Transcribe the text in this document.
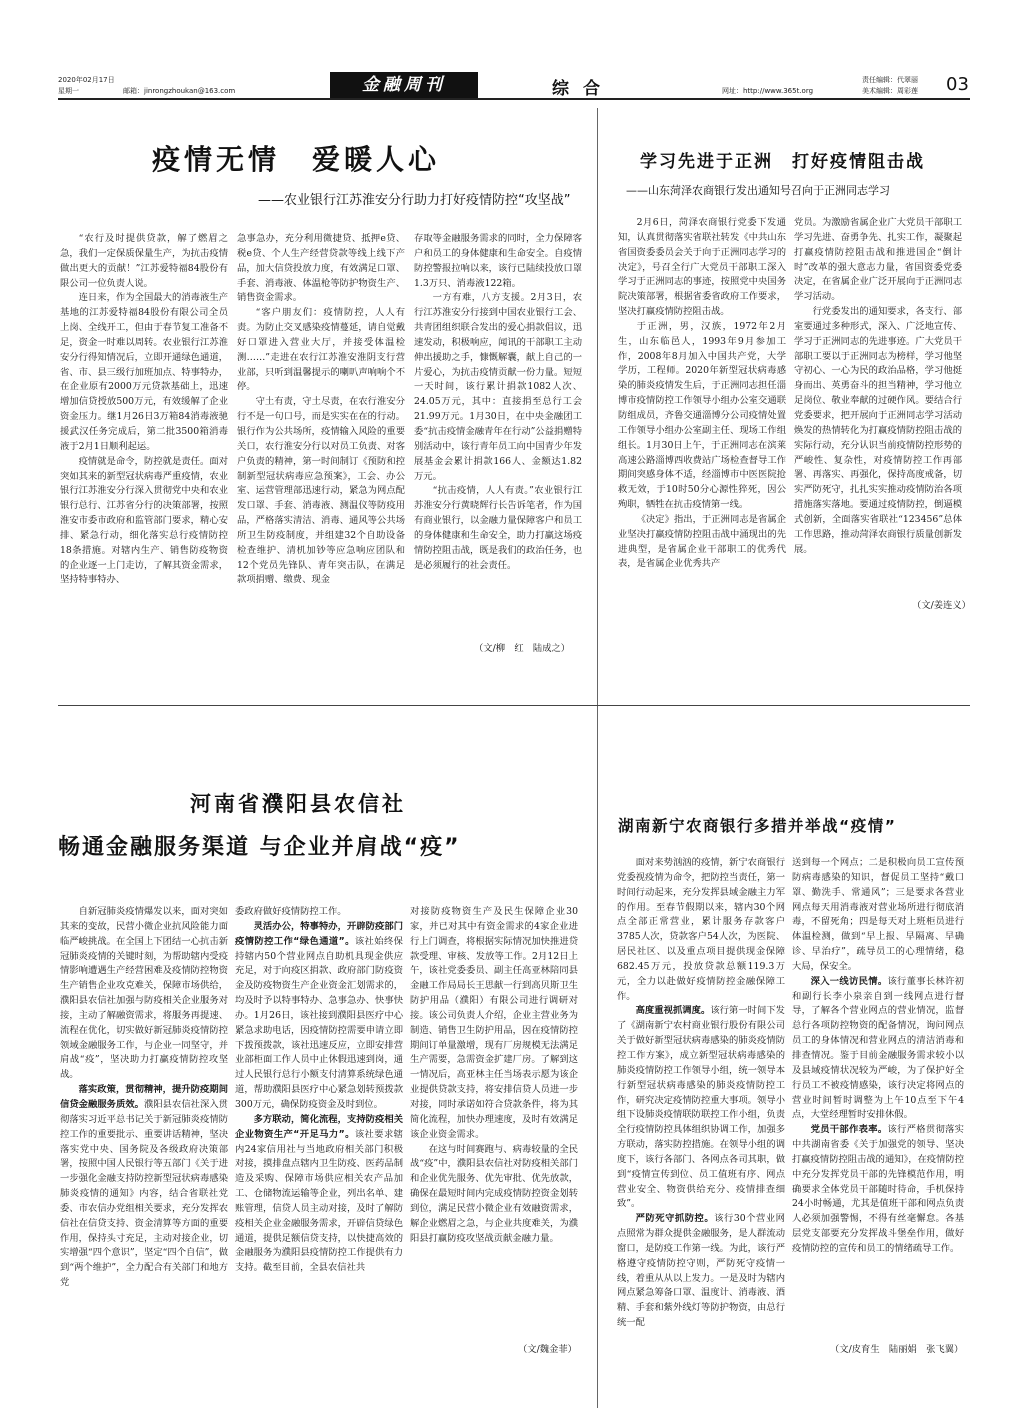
2020年02月17日
星期一	邮箱：jinrongzhoukan@163.com	金融周刊	综合	网址：http://www.365t.org
责任编辑：代翠丽
美术编辑：周彩莲 03
疫情无情　爱暖人心
——农业银行江苏淮安分行助力打好疫情防控“攻坚战”

“农行及时提供贷款，解了燃眉之急，我们一定保质保量生产，为抗击疫情做出更大的贡献！”江苏爱特福84股份有限公司一位负责人说。

连日来，作为全国最大的消毒液生产基地的江苏爱特福84股份有限公司全员上岗、全线开工，但由于春节复工准备不足，资金一时难以周转。农业银行江苏淮安分行得知情况后，立即开通绿色通道，省、市、县三级行加班加点、特事特办，在企业原有2000万元贷款基础上，迅速增加信贷授放500万元，有效缓解了企业资金压力。继1月26日3万箱84消毒液驰援武汉任务完成后，第二批3500箱消毒液于2月1日顺利起运。

疫情就是命令，防控就是责任。面对突如其来的新型冠状病毒严重疫情，农业银行江苏淮安分行深入贯彻党中央和农业银行总行、江苏省分行的决策部署，按照淮安市委市政府和监管部门要求，精心安排、紧急行动，细化落实总行疫情防控18条措施。对辖内生产、销售防疫物资的企业逐一上门走访，了解其资金需求，坚持特事特办、

急事急办，充分利用微捷贷、抵押e贷、税e贷、个人生产经营贷款等线上线下产品，加大信贷投放力度，有效满足口罩、手套、消毒液、体温枪等防护物资生产、销售资金需求。

“客户朋友们：疫情防控，人人有责。为防止交叉感染疫情蔓延，请自觉戴好口罩进入营业大厅，并接受体温检测……”走进在农行江苏淮安淮阴支行营业部，只听到温馨提示的喇叭声响响个不停。

守土有责，守土尽责，在农行淮安分行不是一句口号，而是实实在在的行动。银行作为公共场所，疫情输入风险的重要关口，农行淮安分行以对员工负责、对客户负责的精神，第一时间制订《预防和控制新型冠状病毒应急预案》，工会、办公室、运营管理部迅速行动，紧急为网点配发口罩、手套、消毒液、测温仪等防疫用品，严格落实清洁、消毒、通风等公共场所卫生防疫制度，并组建32个自助设备检查维护、清机加钞等应急响应团队和12个党员先锋队、青年突击队，在满足款项捐赠、缴费、现金

存取等金融服务需求的同时，全力保障客户和员工的身体健康和生命安全。自疫情防控警报拉响以来，该行已陆续投放口罩1.3万只、消毒液122箱。

一方有难，八方支援。2月3日，农行江苏淮安分行接到中国农业银行工会、共青团组织联合发出的爱心捐款倡议，迅速发动，积极响应，闻讯的干部职工主动伸出援助之手，慷慨解囊，献上自己的一片爱心，为抗击疫情贡献一份力量。短短一天时间，该行累计捐款1082人次、24.05万元，其中：直接捐至总行工会21.99万元。1月30日，在中央金融团工委“抗击疫情金融青年在行动”公益捐赠特别活动中，该行青年员工向中国青少年发展基金会累计捐款166人、金额达1.82万元。

“抗击疫情，人人有责。”农业银行江苏淮安分行黄晓辉行长告诉笔者，作为国有商业银行，以金融力量保障客户和员工的身体健康和生命安全，助力打赢这场疫情防控阻击战，既是我们的政治任务，也是必须履行的社会责任。

（文/柳　红　陆成之）
学习先进于正洲　打好疫情阻击战
——山东菏泽农商银行发出通知号召向于正洲同志学习

2月6日，菏泽农商银行党委下发通知，认真贯彻落实省联社转发《中共山东省国资委委员会关于向于正洲同志学习的决定》，号召全行广大党员干部职工深入学习于正洲同志的事迹，按照党中央国务院决策部署，根据省委省政府工作要求，坚决打赢疫情防控阻击战。

于正洲，男，汉族，1972年2月生，山东临邑人，1993年9月参加工作，2008年8月加入中国共产党，大学学历，工程师。2020年新型冠状病毒感染的肺炎疫情发生后，于正洲同志担任淄博市疫情防控工作领导小组办公室交通联防组成员，齐鲁交通淄博分公司疫情处置工作领导小组办公室副主任、现场工作组组长。1月30日上午，于正洲同志在滨莱高速公路淄博西收费站广场检查督导工作期间突感身体不适，经淄博市中医医院抢救无效，于10时50分心源性猝死，因公殉职，牺牲在抗击疫情第一线。

《决定》指出，于正洲同志是省属企业坚决打赢疫情防控阻击战中涌现出的先进典型，是省属企业干部职工的优秀代表，是省属企业优秀共产

党员。为激励省属企业广大党员干部职工学习先进、奋勇争先、扎实工作，凝聚起打赢疫情防控阻击战和推进国企“倒计时”改革的强大意志力量，省国资委党委决定，在省属企业广泛开展向于正洲同志学习活动。

行党委发出的通知要求，各支行、部室要通过多种形式，深入、广泛地宣传、学习于正洲同志的先进事迹。广大党员干部职工要以于正洲同志为榜样，学习他坚守初心、一心为民的政治品格，学习他挺身而出、英勇奋斗的担当精神，学习他立足岗位、敬业奉献的过硬作风。要结合行党委要求，把开展向于正洲同志学习活动焕发的热情转化为打赢疫情防控阻击战的实际行动，充分认识当前疫情防控形势的严峻性、复杂性，对疫情防控工作再部署、再落实、再强化，保持高度戒备，切实严防死守，扎扎实实推动疫情防治各项措施落实落地。要通过疫情防控，倒逼模式创新，全面落实省联社“123456”总体工作思路，推动菏泽农商银行质量创新发展。

（文/姜连义）
河南省濮阳县农信社
畅通金融服务渠道 与企业并肩战“疫”

自新冠肺炎疫情爆发以来，面对突如其来的变故，民营小微企业抗风险能力面临严峻挑战。在全国上下团结一心抗击新冠肺炎疫情的关键时刻，为帮助辖内受疫情影响遭遇生产经营困难及疫情防控物资生产销售企业攻克难关，保障市场供给，濮阳县农信社加强与防疫相关企业服务对接，主动了解融资需求，将服务再提速、流程在优化，切实做好新冠肺炎疫情防控领域金融服务工作，与企业一同坚守，并肩战“疫”，坚决助力打赢疫情防控攻坚战。

落实政策，贯彻精神，提升防疫期间信贷金融服务质效。濮阳县农信社深入贯彻落实习近平总书记关于新冠肺炎疫情防控工作的重要批示、重要讲话精神，坚决落实党中央、国务院及各级政府决策部署，按照中国人民银行等五部门《关于进一步强化金融支持防控新型冠状病毒感染肺炎疫情的通知》内容，结合省联社党委、市农信办党组相关要求，充分发挥农信社在信贷支持、资金清算等方面的重要作用，保持头寸充足，主动对接企业，切实增强“四个意识”，坚定“四个自信”，做到“两个维护”，全力配合有关部门和地方党

委政府做好疫情防控工作。

灵活办公，特事特办，开辟防疫部门疫情防控工作“绿色通道”。该社始终保持辖内50个营业网点自助机具现金供应充足，对于向疫区捐款、政府部门防疫资金及防疫物资生产企业资金汇划需求的，均及时予以特事特办、急事急办、快事快办。1月26日，该社接到濮阳县医疗中心紧急求助电话，因疫情防控需要申请立即下拨预拨款，该社迅速反应，立即安排营业部柜面工作人员中止休假迅速到岗，通过人民银行总行小额支付清算系统绿色通道，帮助濮阳县医疗中心紧急划转预拨款300万元，确保防疫资金及时到位。

多方联动，简化流程，支持防疫相关企业物资生产“开足马力”。该社要求辖内24家信用社与当地政府相关部门积极对接，摸排盘点辖内卫生防疫、医药品制造及采购、保障市场供应相关农产品加工、仓储物流运输等企业，列出名单、建账管理，信贷人员主动对接，及时了解防疫相关企业金融服务需求，开辟信贷绿色通道，提供足额信贷支持，以快捷高效的金融服务为濮阳县疫情防控工作提供有力支持。截至目前，全县农信社共

对接防疫物资生产及民生保障企业30家，并已对其中有资金需求的4家企业进行上门调查，将根据实际情况加快推进贷款受理、审核、发放等工作。2月12日上午，该社党委委员、副主任高亚林陪同县金融工作局局长王思献一行到高贝斯卫生防护用品（濮阳）有限公司进行调研对接。该公司负责人介绍，企业主营业务为制造、销售卫生防护用品，因在疫情防控期间订单量激增，现有厂房规模无法满足生产需要，急需资金扩建厂房。了解到这一情况后，高亚林主任当场表示愿为该企业提供贷款支持，将安排信贷人员进一步对接，同时承诺如符合贷款条件，将为其简化流程，加快办理速度，及时有效满足该企业资金需求。

在这与时间赛跑与、病毒较量的全民战“疫”中，濮阳县农信社对防疫相关部门和企业优先服务、优先审批、优先放款，确保在最短时间内完成疫情防控资金划转到位，满足民营小微企业有效融资需求，解企业燃眉之急，与企业共度难关，为濮阳县打赢防疫攻坚战贡献金融力量。

（文/魏金菲）
湖南新宁农商银行多措并举战“疫情”

面对来势汹汹的疫情，新宁农商银行党委视疫情为命令，把防控当责任，第一时间行动起来，充分发挥县域金融主力军的作用。至春节假期以来，辖内30个网点全部正常营业，累计服务存款客户3785人次，贷款客户54人次，为医院、居民社区、以及重点项目提供现金保障682.45万元，投放贷款总额119.3万元，全力以赴做好疫情防控金融保障工作。

高度重视抓调度。该行第一时间下发了《湖南新宁农村商业银行股份有限公司关于做好新型冠状病毒感染的肺炎疫情防控工作方案》，成立新型冠状病毒感染的肺炎疫情防控工作领导小组，统一领导本行新型冠状病毒感染的肺炎疫情防控工作，研究决定疫情防控重大事项。领导小组下设肺炎疫情联防联控工作小组，负责全行疫情防控具体组织协调工作，加强多方联动，落实防控措施。在领导小组的调度下，该行各部门、各网点各司其职，做到“疫情宣传到位、员工值班有序、网点营业安全、物资供给充分、疫情排查细致”。

严防死守抓防控。该行30个营业网点照常为群众提供金融服务，是人群流动窗口，是防疫工作第一线。为此，该行严格遵守疫情防控守则，严防死守疫情一线，着重从从以上发力。一是及时为辖内网点紧急筹备口罩、温度计、消毒液、酒精、手套和紫外线灯等防护物资，由总行统一配

送到每一个网点；二是积极向员工宣传预防病毒感染的知识，督促员工坚持“戴口罩、勤洗手、常通风”；三是要求各营业网点每天用消毒液对营业场所进行彻底消毒，不留死角；四是每天对上班柜员进行体温检测，做到“早上报、早隔离、早确诊、早治疗”，疏导员工的心理情绪，稳大局，保安全。

深入一线访民情。该行董事长林许初和副行长李小泉亲自到一线网点进行督导，了解各个营业网点的营业情况，监督总行各项防控物资的配备情况，询问网点员工的身体情况和营业网点的清洁消毒和排查情况。鉴于目前金融服务需求较小以及县域疫情状况较为严峻，为了保护好全行员工不被疫情感染，该行决定将网点的营业时间暂时调整为上午10点至下午4点，大堂经理暂时安排休假。

党员干部作表率。该行严格贯彻落实中共湖南省委《关于加强党的领导、坚决打赢疫情防控阻击战的通知》，在疫情防控中充分发挥党员干部的先锋模范作用，明确要求全体党员干部随时待命，手机保持24小时畅通，尤其是值班干部和网点负责人必须加强警惕，不得有丝毫懈怠。各基层党支部要充分发挥战斗堡垒作用，做好疫情防控的宣传和员工的情绪疏导工作。

（文/皮育生　陆丽娟　张飞翼）
